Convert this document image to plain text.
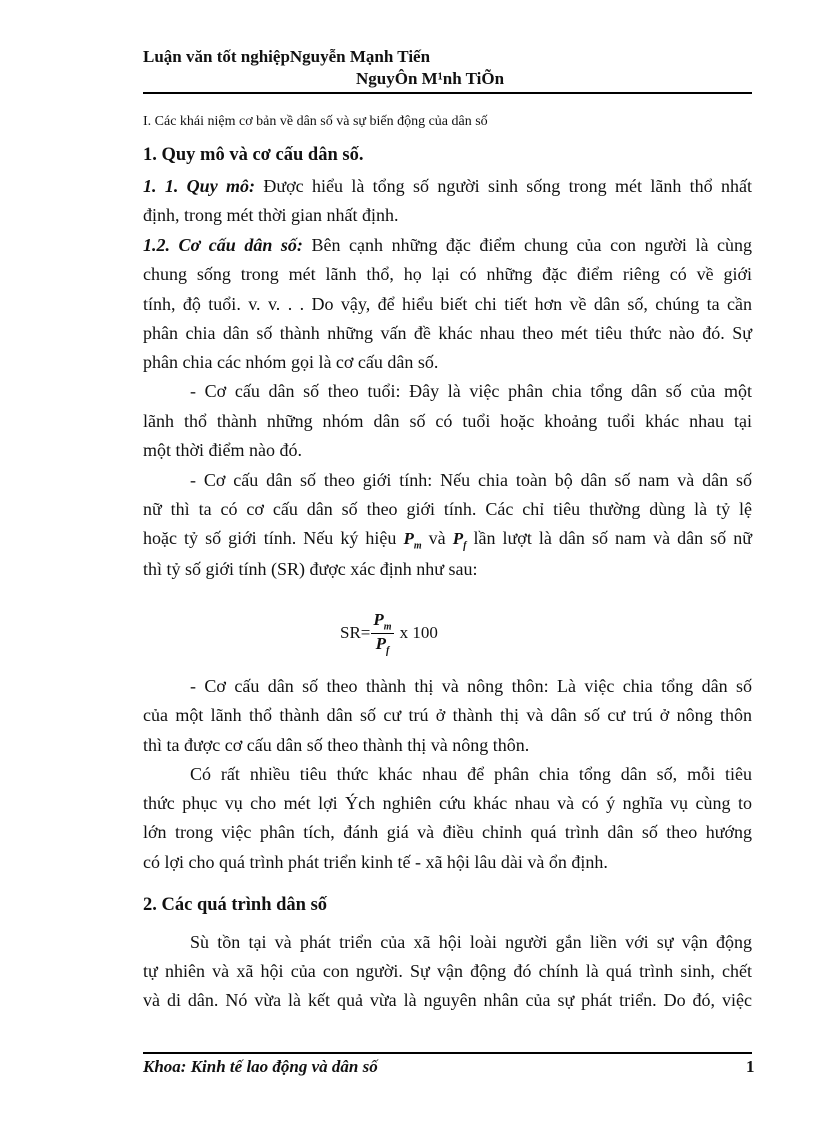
Luận văn tốt nghiệpNguyễn Mạnh Tiến
NguyÔn M¹nh TiÕn
I. Các khái niệm cơ bản về dân số và sự biến động của dân số
1. Quy mô và cơ cấu dân số.
1. 1. Quy mô: Được hiểu là tổng số người sinh sống trong mét lãnh thổ nhất
định, trong mét thời gian nhất định.
1.2. Cơ cấu dân số: Bên cạnh những đặc điểm chung của con người là cùng
chung sống trong mét lãnh thổ, họ lại có những đặc điểm riêng có về giới
tính, độ tuổi. v. v. . . Do vậy, để hiểu biết chi tiết hơn về dân số, chúng ta cần
phân chia dân số thành những vấn đề khác nhau theo mét tiêu thức nào đó. Sự
phân chia các nhóm gọi là cơ cấu dân số.
- Cơ cấu dân số theo tuổi: Đây là việc phân chia tổng dân số của một
lãnh thổ thành những nhóm dân số có tuổi hoặc khoảng tuổi khác nhau tại
một thời điểm nào đó.
- Cơ cấu dân số theo giới tính: Nếu chia toàn bộ dân số nam và dân số
nữ thì ta có cơ cấu dân số theo giới tính. Các chỉ tiêu thường dùng là tỷ lệ
hoặc tỷ số giới tính. Nếu ký hiệu $P_m$ và $P_f$ lần lượt là dân số nam và dân số nữ
thì tỷ số giới tính (SR) được xác định như sau:
- Cơ cấu dân số theo thành thị và nông thôn: Là việc chia tổng dân số
của một lãnh thổ thành dân số cư trú ở thành thị và dân số cư trú ở nông thôn
thì ta được cơ cấu dân số theo thành thị và nông thôn.
Có rất nhiều tiêu thức khác nhau để phân chia tổng dân số, mỗi tiêu
thức phục vụ cho mét lợi Ých nghiên cứu khác nhau và có ý nghĩa vụ cùng to
lớn trong việc phân tích, đánh giá và điều chỉnh quá trình dân số theo hướng
có lợi cho quá trình phát triển kinh tế - xã hội lâu dài và ổn định.
2. Các quá trình dân số
Sù tồn tại và phát triển của xã hội loài người gắn liền với sự vận động
tự nhiên và xã hội của con người. Sự vận động đó chính là quá trình sinh, chết
và di dân. Nó vừa là kết quả vừa là nguyên nhân của sự phát triển. Do đó, việc
$SR= \frac{P_m}{P_f}$ x 100
Khoa: Kinh tế lao động và dân số	1
